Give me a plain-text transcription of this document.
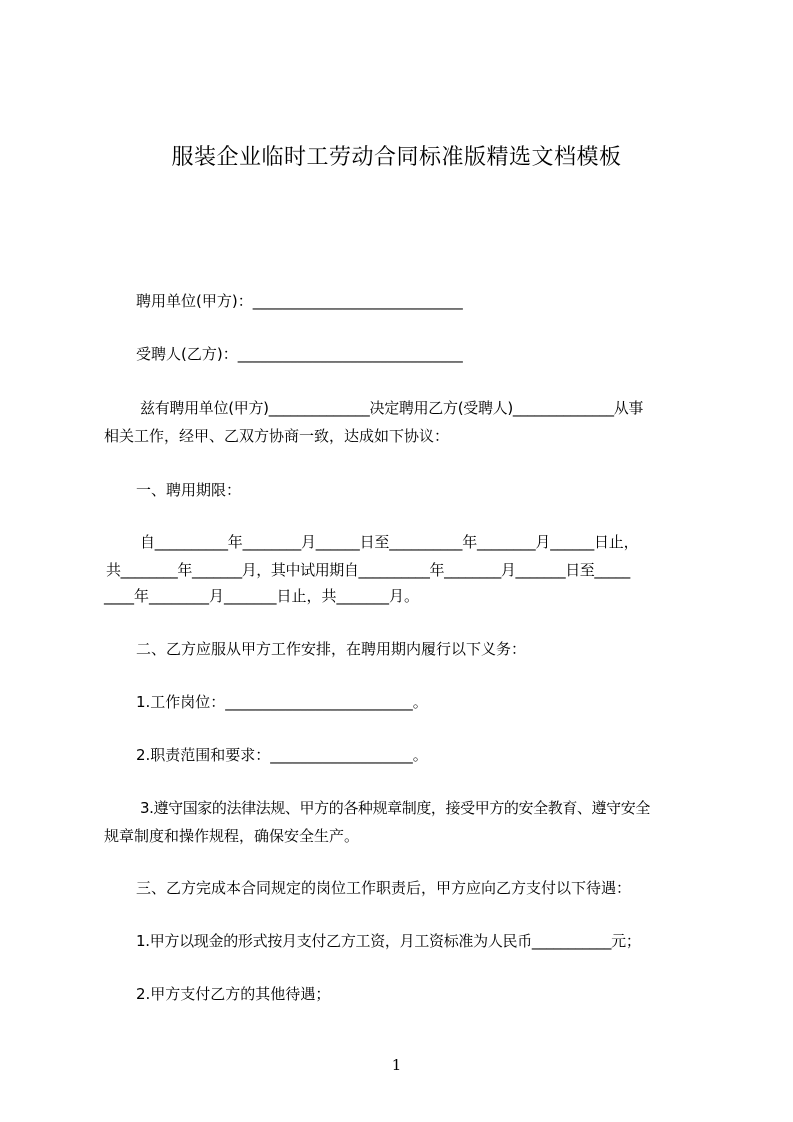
服装企业临时工劳动合同标准版精选文档模板
聘用单位(甲方)：____________________________
受聘人(乙方)：______________________________
兹有聘用单位(甲方)______________决定聘用乙方(受聘人)______________从事
相关工作，经甲、乙双方协商一致，达成如下协议：
一、聘用期限：
自__________年________月______日至__________年________月______日止，
共________年_______月，其中试用期自__________年________月_______日至_____
____年________月_______日止，共_______月。
二、乙方应服从甲方工作安排，在聘用期内履行以下义务：
1.工作岗位：_________________________。
2.职责范围和要求：___________________。
3.遵守国家的法律法规、甲方的各种规章制度，接受甲方的安全教育、遵守安全
规章制度和操作规程，确保安全生产。
三、乙方完成本合同规定的岗位工作职责后，甲方应向乙方支付以下待遇：
1.甲方以现金的形式按月支付乙方工资，月工资标准为人民币___________元；
2.甲方支付乙方的其他待遇；
1
